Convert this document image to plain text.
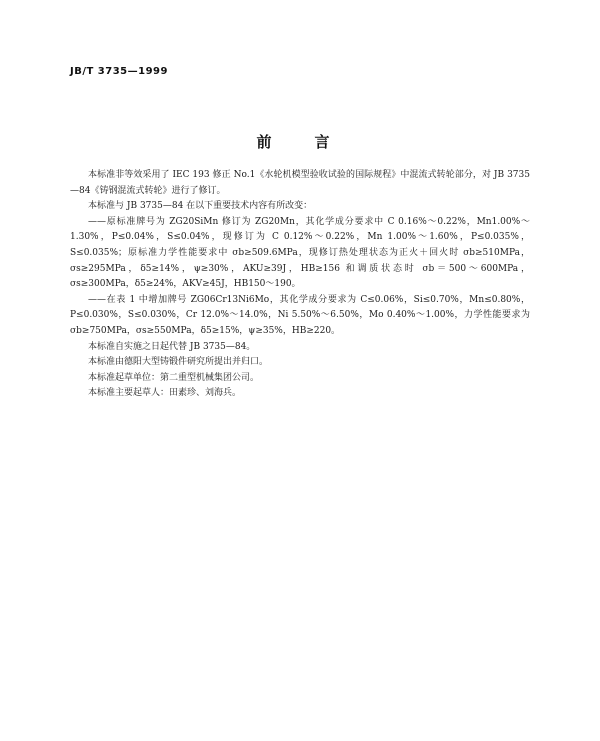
JB/T 3735—1999
前　言

本标准非等效采用了 IEC 193 修正 No.1《水轮机模型验收试验的国际规程》中混流式转轮部分，对 JB 3735—84《铸钢混流式转轮》进行了修订。

本标准与 JB 3735—84 在以下重要技术内容有所改变：

——原标准牌号为 ZG20SiMn 修订为 ZG20Mn，其化学成分要求中 C 0.16%～0.22%，Mn1.00%～1.30%，P≤0.04%，S≤0.04%，现修订为 C 0.12%～0.22%，Mn 1.00%～1.60%，P≤0.035%，S≤0.035%；原标准力学性能要求中 σb≥509.6MPa，现修订热处理状态为正火＋回火时 σb≥510MPa，σs≥295MPa，δ5≥14%，ψ≥30%，AKU≥39J，HB≥156 和调质状态时 σb＝500～600MPa，σs≥300MPa，δ5≥24%，AKV≥45J，HB150～190。

——在表 1 中增加牌号 ZG06Cr13Ni6Mo，其化学成分要求为 C≤0.06%，Si≤0.70%，Mn≤0.80%，P≤0.030%，S≤0.030%，Cr 12.0%～14.0%，Ni 5.50%～6.50%，Mo 0.40%～1.00%，力学性能要求为 σb≥750MPa，σs≥550MPa，δ5≥15%，ψ≥35%，HB≥220。

本标准自实施之日起代替 JB 3735—84。

本标准由德阳大型铸锻件研究所提出并归口。

本标准起草单位：第二重型机械集团公司。

本标准主要起草人：田素珍、刘海兵。
